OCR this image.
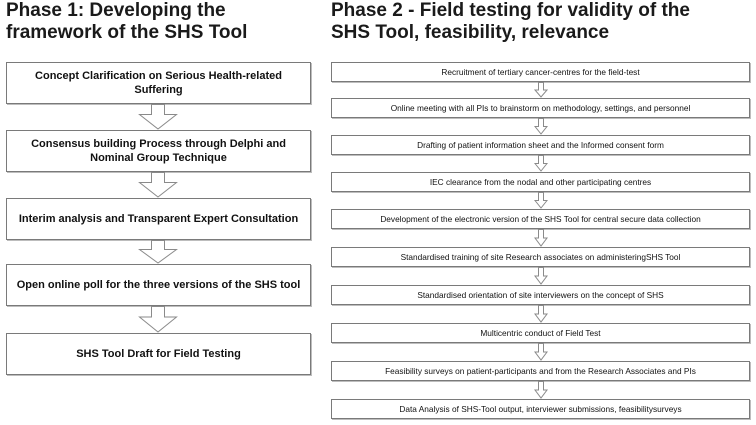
Phase 1: Developing the
framework of the SHS Tool
Phase 2 - Field testing for validity of the
SHS Tool, feasibility, relevance
Concept Clarification on Serious Health-related Suffering
Consensus building Process through Delphi and Nominal Group Technique
Interim analysis and Transparent Expert Consultation
Open online poll for the three versions of the SHS tool
SHS Tool Draft for Field Testing
Recruitment of tertiary cancer-centres for the field-test
Online meeting with all PIs to brainstorm on methodology, settings, and personnel
Drafting of patient information sheet and the Informed consent form
IEC clearance from the nodal and other participating centres
Development of the electronic version of the SHS Tool for central secure data collection
Standardised training of site Research associates on administeringSHS Tool
Standardised orientation of site interviewers on the concept of SHS
Multicentric conduct of Field Test
Feasibility surveys on patient-participants and from the Research Associates and PIs
Data Analysis of SHS-Tool output, interviewer submissions, feasibilitysurveys
